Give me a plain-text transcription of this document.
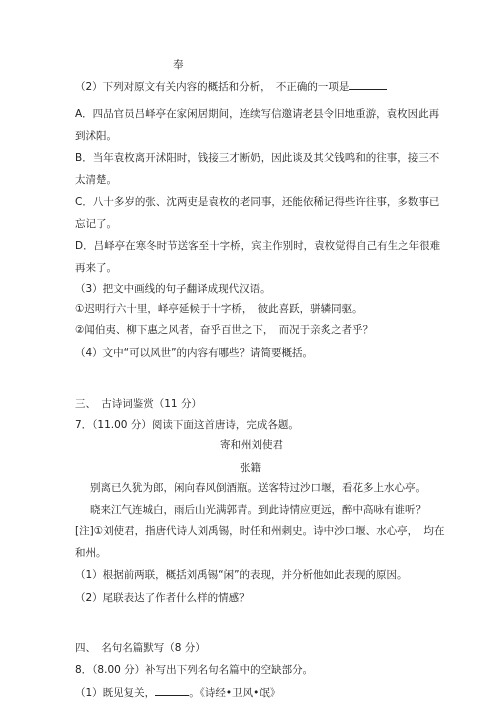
奉
（2）下列对原文有关内容的概括和分析，　不正确的一项是
A．四品官员吕峄亭在家闲居期间，连续写信邀请老县令旧地重游，袁枚因此再
到沭阳。
B．当年袁枚离开沭阳时，钱接三才断奶，因此谈及其父钱鸣和的往事，接三不
太清楚。
C．八十多岁的张、沈两吏是袁枚的老同事，还能依稀记得些许往事，多数事已
忘记了。
D．吕峄亭在寒冬时节送客至十字桥，宾主作别时，袁枚觉得自己有生之年很难
再来了。
（3）把文中画线的句子翻译成现代汉语。
①迟明行六十里，峄亭延候于十字桥，　彼此喜跃，骈辚同驱。
②闻伯夷、柳下惠之风者，奋乎百世之下，　而况于亲炙之者乎？
（4）文中“可以风世”的内容有哪些？请简要概括。
三、　古诗词鉴赏（11 分）
7．（11.00 分）阅读下面这首唐诗，完成各题。
寄和州刘使君
张籍
别离已久犹为郎，闲向春风倒酒瓶。送客特过沙口堰，看花多上水心亭。
晓来江气连城白，雨后山光满郭青。到此诗情应更远，醉中高咏有谁听？
[注]①刘使君，指唐代诗人刘禹锡，时任和州刺史。诗中沙口堰、水心亭，　均在
和州。
（1）根据前两联，概括刘禹锡“闲”的表现，并分析他如此表现的原因。
（2）尾联表达了作者什么样的情感？
四、　名句名篇默写（8 分）
8．（8.00 分）补写出下列名句名篇中的空缺部分。
（1）既见复关，	。《诗经•卫风•氓》
